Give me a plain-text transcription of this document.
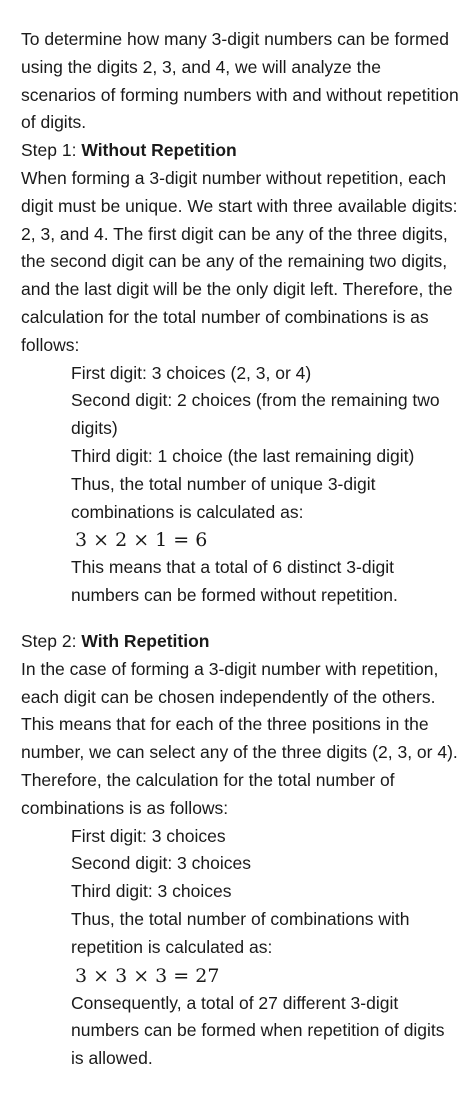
To determine how many 3-digit numbers can be formed using the digits 2, 3, and 4, we will analyze the scenarios of forming numbers with and without repetition of digits.

Step 1: Without Repetition

When forming a 3-digit number without repetition, each digit must be unique. We start with three available digits: 2, 3, and 4. The first digit can be any of the three digits, the second digit can be any of the remaining two digits, and the last digit will be the only digit left. Therefore, the calculation for the total number of combinations is as follows:

First digit: 3 choices (2, 3, or 4)

Second digit: 2 choices (from the remaining two digits)

Third digit: 1 choice (the last remaining digit)

Thus, the total number of unique 3-digit combinations is calculated as:

3 × 2 × 1 = 6

This means that a total of 6 distinct 3-digit numbers can be formed without repetition.

Step 2: With Repetition

In the case of forming a 3-digit number with repetition, each digit can be chosen independently of the others. This means that for each of the three positions in the number, we can select any of the three digits (2, 3, or 4). Therefore, the calculation for the total number of combinations is as follows:

First digit: 3 choices

Second digit: 3 choices

Third digit: 3 choices

Thus, the total number of combinations with repetition is calculated as:

3 × 3 × 3 = 27

Consequently, a total of 27 different 3-digit numbers can be formed when repetition of digits is allowed.
